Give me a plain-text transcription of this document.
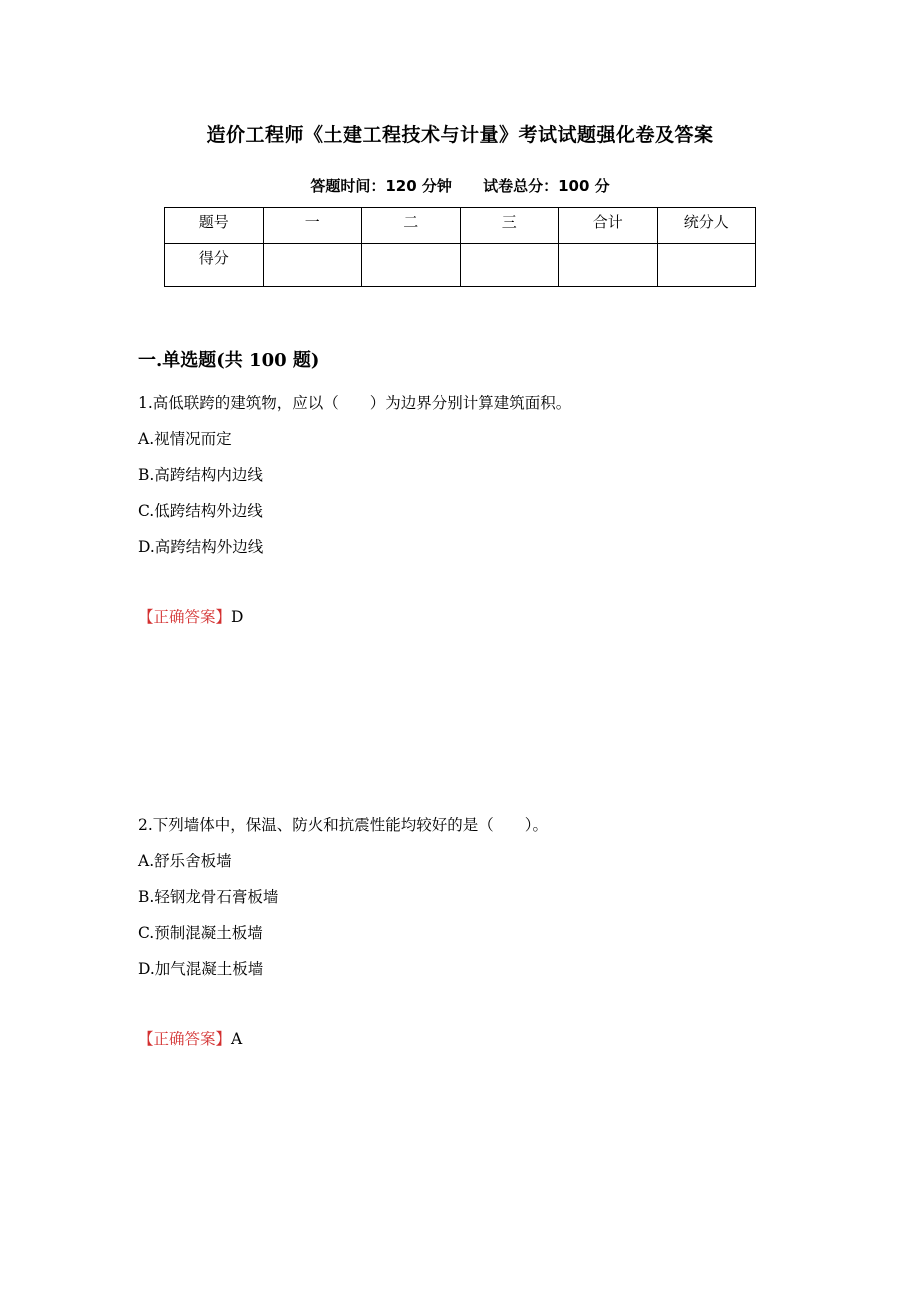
造价工程师《土建工程技术与计量》考试试题强化卷及答案
答题时间：120 分钟 试卷总分：100 分
题号	一	二	三	合计	统分人
得分					
一.单选题(共 100 题)
1.高低联跨的建筑物，应以（　　）为边界分别计算建筑面积。
A.视情况而定
B.高跨结构内边线
C.低跨结构外边线
D.高跨结构外边线
【正确答案】D
2.下列墙体中，保温、防火和抗震性能均较好的是（　　）。
A.舒乐舍板墙
B.轻钢龙骨石膏板墙
C.预制混凝土板墙
D.加气混凝土板墙
【正确答案】A
